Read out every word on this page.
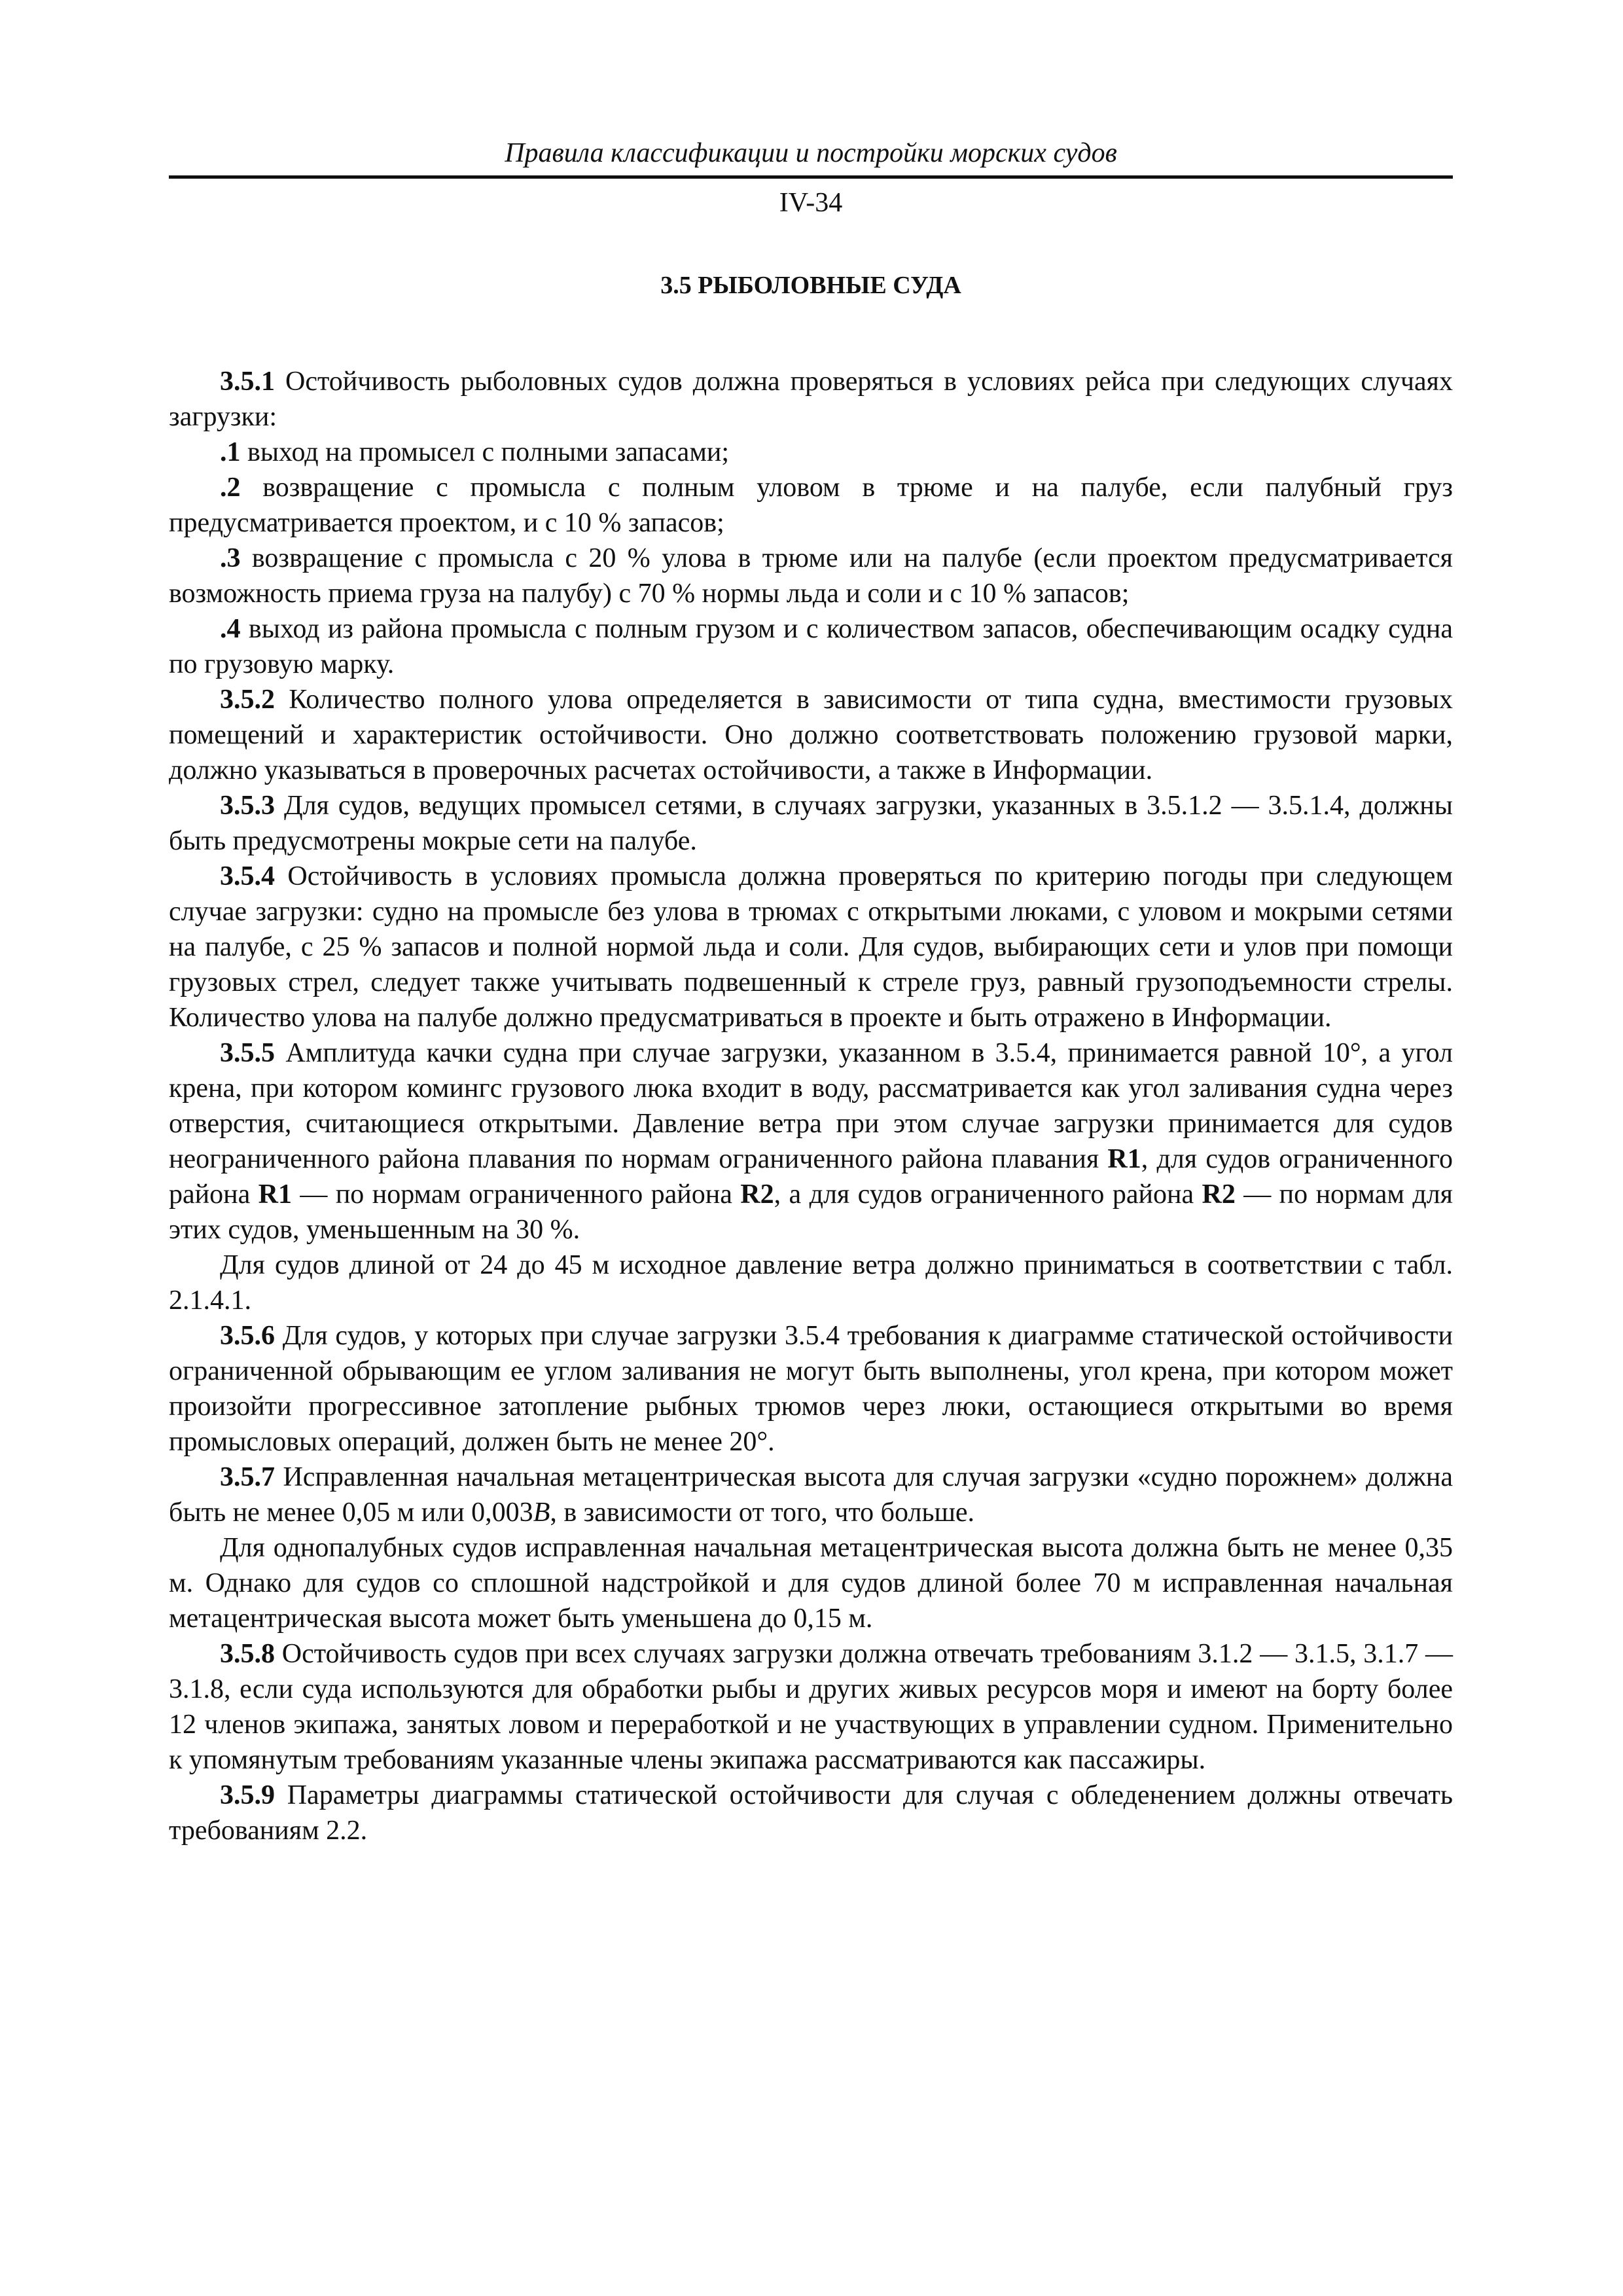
Правила классификации и постройки морских судов
IV-34
3.5 РЫБОЛОВНЫЕ СУДА

3.5.1 Остойчивость рыболовных судов должна проверяться в условиях рейса при следующих случаях загрузки:

.1 выход на промысел с полными запасами;

.2 возвращение с промысла с полным уловом в трюме и на палубе, если палубный груз предусматривается проектом, и с 10 % запасов;

.3 возвращение с промысла с 20 % улова в трюме или на палубе (если проектом предусматривается возможность приема груза на палубу) с 70 % нормы льда и соли и с 10 % запасов;

.4 выход из района промысла с полным грузом и с количеством запасов, обеспечивающим осадку судна по грузовую марку.

3.5.2 Количество полного улова определяется в зависимости от типа судна, вместимости грузовых помещений и характеристик остойчивости. Оно должно соответствовать положению грузовой марки, должно указываться в проверочных расчетах остойчивости, а также в Информации.

3.5.3 Для судов, ведущих промысел сетями, в случаях загрузки, указанных в 3.5.1.2 — 3.5.1.4, должны быть предусмотрены мокрые сети на палубе.

3.5.4 Остойчивость в условиях промысла должна проверяться по критерию погоды при следующем случае загрузки: судно на промысле без улова в трюмах с открытыми люками, с уловом и мокрыми сетями на палубе, с 25 % запасов и полной нормой льда и соли. Для судов, выбирающих сети и улов при помощи грузовых стрел, следует также учитывать подвешенный к стреле груз, равный грузоподъемности стрелы. Количество улова на палубе должно предусматриваться в проекте и быть отражено в Информации.

3.5.5 Амплитуда качки судна при случае загрузки, указанном в 3.5.4, принимается равной 10°, а угол крена, при котором комингс грузового люка входит в воду, рассматривается как угол заливания судна через отверстия, считающиеся открытыми. Давление ветра при этом случае загрузки принимается для судов неограниченного района плавания по нормам ограниченного района плавания R1, для судов ограниченного района R1 — по нормам ограниченного района R2, а для судов ограниченного района R2 — по нормам для этих судов, уменьшенным на 30 %.

Для судов длиной от 24 до 45 м исходное давление ветра должно приниматься в соответствии с табл. 2.1.4.1.

3.5.6 Для судов, у которых при случае загрузки 3.5.4 требования к диаграмме статической остойчивости ограниченной обрывающим ее углом заливания не могут быть выполнены, угол крена, при котором может произойти прогрессивное затопление рыбных трюмов через люки, остающиеся открытыми во время промысловых операций, должен быть не менее 20°.

3.5.7 Исправленная начальная метацентрическая высота для случая загрузки «судно порожнем» должна быть не менее 0,05 м или 0,003B, в зависимости от того, что больше.

Для однопалубных судов исправленная начальная метацентрическая высота должна быть не менее 0,35 м. Однако для судов со сплошной надстройкой и для судов длиной более 70 м исправленная начальная метацентрическая высота может быть уменьшена до 0,15 м.

3.5.8 Остойчивость судов при всех случаях загрузки должна отвечать требованиям 3.1.2 — 3.1.5, 3.1.7 — 3.1.8, если суда используются для обработки рыбы и других живых ресурсов моря и имеют на борту более 12 членов экипажа, занятых ловом и переработкой и не участвующих в управлении судном. Применительно к упомянутым требованиям указанные члены экипажа рассматриваются как пассажиры.

3.5.9 Параметры диаграммы статической остойчивости для случая с обледенением должны отвечать требованиям 2.2.
